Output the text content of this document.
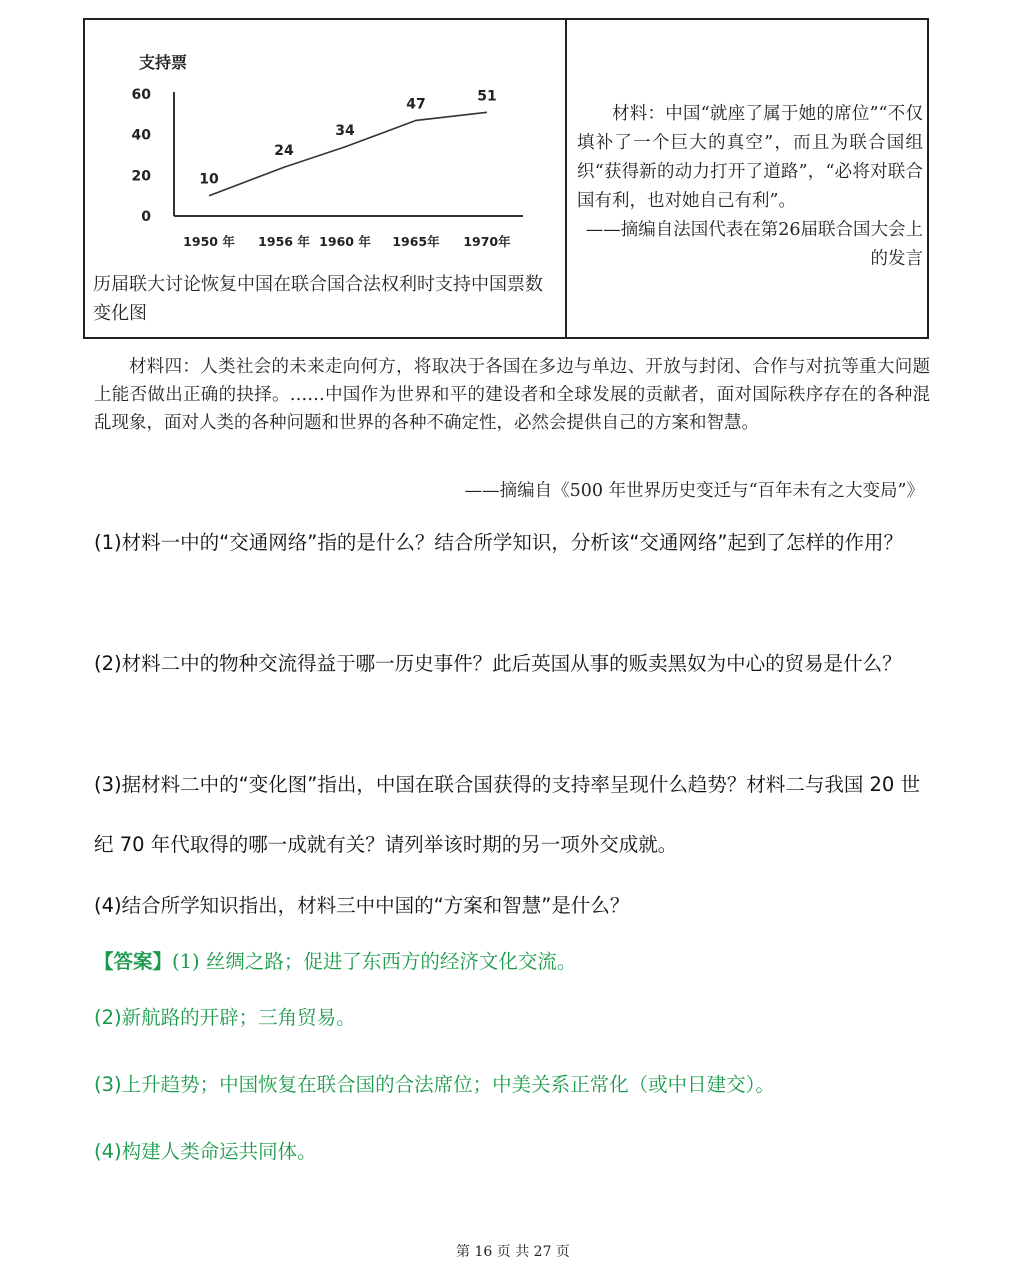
支持票
0
20
40
60
10
24
34
47
51
1950 年 1956 年 1960 年 1965年 1970年
历届联大讨论恢复中国在联合国合法权利时支持中国票数变化图
材料：中国“就座了属于她的席位”“不仅填补了一个巨大的真空”，而且为联合国组织“获得新的动力打开了道路”，“必将对联合国有利，也对她自己有利”。
——摘编自法国代表在第26届联合国大会上的发言
材料四：人类社会的未来走向何方，将取决于各国在多边与单边、开放与封闭、合作与对抗等重大问题上能否做出正确的抉择。……中国作为世界和平的建设者和全球发展的贡献者，面对国际秩序存在的各种混乱现象，面对人类的各种问题和世界的各种不确定性，必然会提供自己的方案和智慧。
——摘编自《500 年世界历史变迁与“百年未有之大变局”》
(1)材料一中的“交通网络”指的是什么？结合所学知识，分析该“交通网络”起到了怎样的作用？
(2)材料二中的物种交流得益于哪一历史事件？此后英国从事的贩卖黑奴为中心的贸易是什么？
(3)据材料二中的“变化图”指出，中国在联合国获得的支持率呈现什么趋势？材料二与我国 20 世纪 70 年代取得的哪一成就有关？请列举该时期的另一项外交成就。
(4)结合所学知识指出，材料三中中国的“方案和智慧”是什么？
【答案】(1) 丝绸之路；促进了东西方的经济文化交流。
(2)新航路的开辟；三角贸易。
(3)上升趋势；中国恢复在联合国的合法席位；中美关系正常化（或中日建交）。
(4)构建人类命运共同体。
第 16 页 共 27 页
